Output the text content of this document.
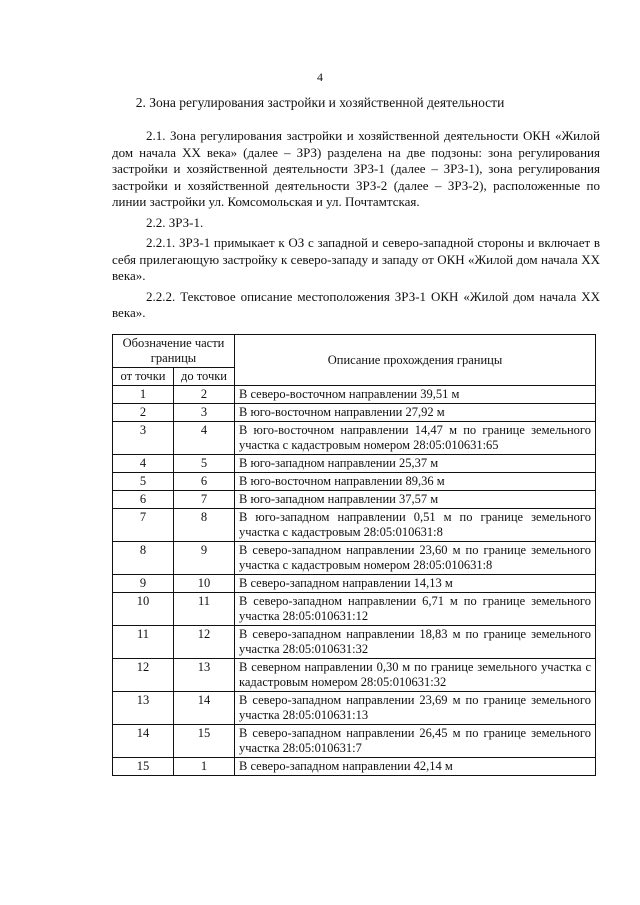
4
2. Зона регулирования застройки и хозяйственной деятельности

2.1. Зона регулирования застройки и хозяйственной деятельности ОКН «Жилой дом начала ХХ века» (далее – ЗРЗ) разделена на две подзоны: зона регулирования застройки и хозяйственной деятельности ЗРЗ-1 (далее – ЗРЗ-1), зона регулирования застройки и хозяйственной деятельности ЗРЗ-2 (далее – ЗРЗ-2), расположенные по линии застройки ул. Комсомольская и ул. Почтамтская.

2.2. ЗРЗ-1.

2.2.1. ЗРЗ-1 примыкает к ОЗ с западной и северо-западной стороны и включает в себя прилегающую застройку к северо-западу и западу от ОКН «Жилой дом начала ХХ века».

2.2.2. Текстовое описание местоположения ЗРЗ-1 ОКН «Жилой дом начала ХХ века».

Обозначение части границы		Описание прохождения границы
от точки	до точки	
1	2	В северо-восточном направлении 39,51 м
2	3	В юго-восточном направлении 27,92 м
3	4	В юго-восточном направлении 14,47 м по границе земельного участка с кадастровым номером 28:05:010631:65
4	5	В юго-западном направлении 25,37 м
5	6	В юго-восточном направлении 89,36 м
6	7	В юго-западном направлении 37,57 м
7	8	В юго-западном направлении 0,51 м по границе земельного участка с кадастровым 28:05:010631:8
8	9	В северо-западном направлении 23,60 м по границе земельного участка с кадастровым номером 28:05:010631:8
9	10	В северо-западном направлении 14,13 м
10	11	В северо-западном направлении 6,71 м по границе земельного участка 28:05:010631:12
11	12	В северо-западном направлении 18,83 м по границе земельного участка 28:05:010631:32
12	13	В северном направлении 0,30 м по границе земельного участка с кадастровым номером 28:05:010631:32
13	14	В северо-западном направлении 23,69 м по границе земельного участка 28:05:010631:13
14	15	В северо-западном направлении 26,45 м по границе земельного участка 28:05:010631:7
15	1	В северо-западном направлении 42,14 м
